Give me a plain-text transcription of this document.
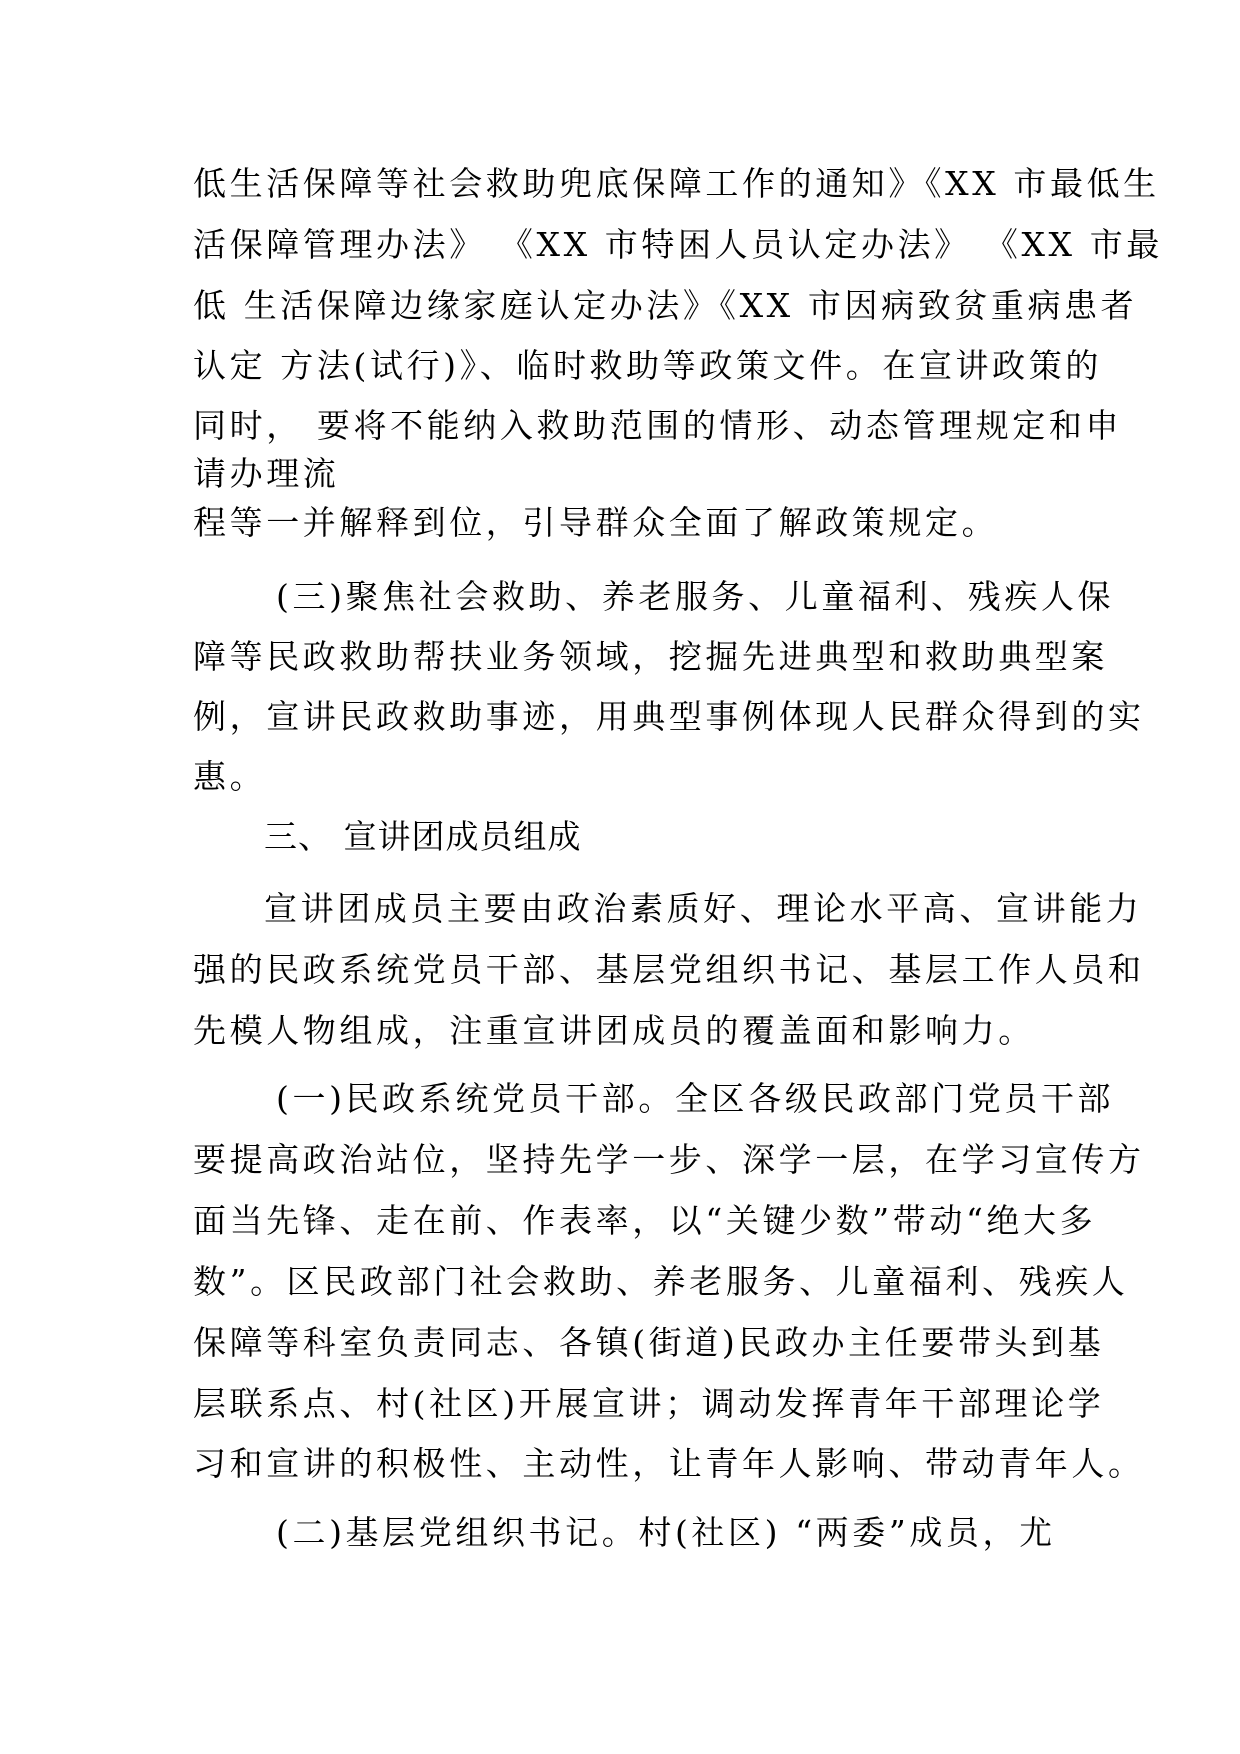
低生活保障等社会救助兜底保障工作的通知》《XX 市最低生

活保障管理办法》 《XX 市特困人员认定办法》 《XX 市最

低 生活保障边缘家庭认定办法》《XX 市因病致贫重病患者

认定 方法(试行)》、临时救助等政策文件。在宣讲政策的

同时， 要将不能纳入救助范围的情形、动态管理规定和申

请办理流

程等一并解释到位，引导群众全面了解政策规定。

(三)聚焦社会救助、养老服务、儿童福利、残疾人保

障等民政救助帮扶业务领域，挖掘先进典型和救助典型案

例，宣讲民政救助事迹，用典型事例体现人民群众得到的实

惠。

三、 宣讲团成员组成

宣讲团成员主要由政治素质好、理论水平高、宣讲能力

强的民政系统党员干部、基层党组织书记、基层工作人员和

先模人物组成，注重宣讲团成员的覆盖面和影响力。

(一)民政系统党员干部。全区各级民政部门党员干部

要提高政治站位，坚持先学一步、深学一层，在学习宣传方

面当先锋、走在前、作表率，以“关键少数”带动“绝大多

数”。区民政部门社会救助、养老服务、儿童福利、残疾人

保障等科室负责同志、各镇(街道)民政办主任要带头到基

层联系点、村(社区)开展宣讲；调动发挥青年干部理论学

习和宣讲的积极性、主动性，让青年人影响、带动青年人。

(二)基层党组织书记。村(社区) “两委”成员，尤
